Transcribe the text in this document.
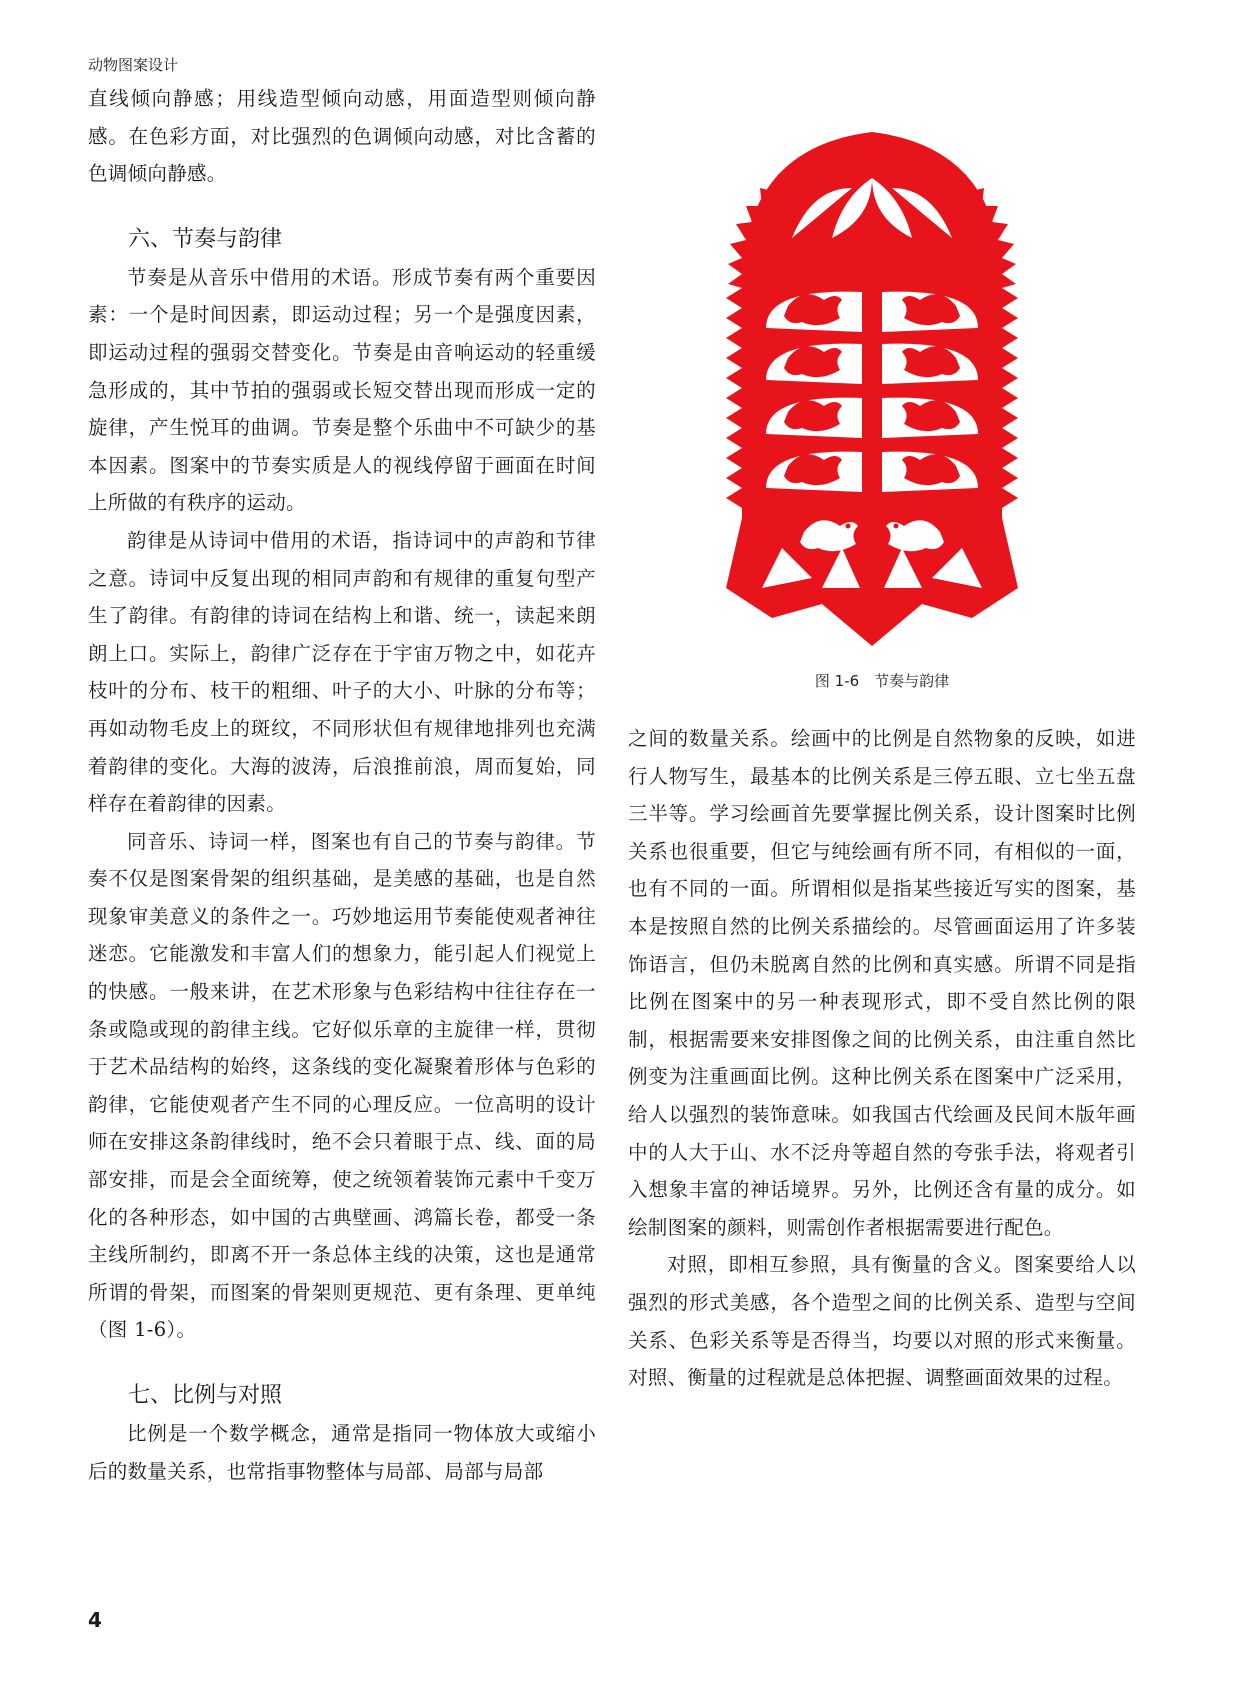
动物图案设计

直线倾向静感；用线造型倾向动感，用面造型则倾向静感。在色彩方面，对比强烈的色调倾向动感，对比含蓄的色调倾向静感。

六、节奏与韵律

节奏是从音乐中借用的术语。形成节奏有两个重要因素：一个是时间因素，即运动过程；另一个是强度因素，即运动过程的强弱交替变化。节奏是由音响运动的轻重缓急形成的，其中节拍的强弱或长短交替出现而形成一定的旋律，产生悦耳的曲调。节奏是整个乐曲中不可缺少的基本因素。图案中的节奏实质是人的视线停留于画面在时间上所做的有秩序的运动。

韵律是从诗词中借用的术语，指诗词中的声韵和节律之意。诗词中反复出现的相同声韵和有规律的重复句型产生了韵律。有韵律的诗词在结构上和谐、统一，读起来朗朗上口。实际上，韵律广泛存在于宇宙万物之中，如花卉枝叶的分布、枝干的粗细、叶子的大小、叶脉的分布等；再如动物毛皮上的斑纹，不同形状但有规律地排列也充满着韵律的变化。大海的波涛，后浪推前浪，周而复始，同样存在着韵律的因素。

同音乐、诗词一样，图案也有自己的节奏与韵律。节奏不仅是图案骨架的组织基础，是美感的基础，也是自然现象审美意义的条件之一。巧妙地运用节奏能使观者神往迷恋。它能激发和丰富人们的想象力，能引起人们视觉上的快感。一般来讲，在艺术形象与色彩结构中往往存在一条或隐或现的韵律主线。它好似乐章的主旋律一样，贯彻于艺术品结构的始终，这条线的变化凝聚着形体与色彩的韵律，它能使观者产生不同的心理反应。一位高明的设计师在安排这条韵律线时，绝不会只着眼于点、线、面的局部安排，而是会全面统筹，使之统领着装饰元素中千变万化的各种形态，如中国的古典壁画、鸿篇长卷，都受一条主线所制约，即离不开一条总体主线的决策，这也是通常所谓的骨架，而图案的骨架则更规范、更有条理、更单纯（图 1-6）。

七、比例与对照

比例是一个数学概念，通常是指同一物体放大或缩小后的数量关系，也常指事物整体与局部、局部与局部

图 1-6　节奏与韵律

之间的数量关系。绘画中的比例是自然物象的反映，如进行人物写生，最基本的比例关系是三停五眼、立七坐五盘三半等。学习绘画首先要掌握比例关系，设计图案时比例关系也很重要，但它与纯绘画有所不同，有相似的一面，也有不同的一面。所谓相似是指某些接近写实的图案，基本是按照自然的比例关系描绘的。尽管画面运用了许多装饰语言，但仍未脱离自然的比例和真实感。所谓不同是指比例在图案中的另一种表现形式，即不受自然比例的限制，根据需要来安排图像之间的比例关系，由注重自然比例变为注重画面比例。这种比例关系在图案中广泛采用，给人以强烈的装饰意味。如我国古代绘画及民间木版年画中的人大于山、水不泛舟等超自然的夸张手法，将观者引入想象丰富的神话境界。另外，比例还含有量的成分。如绘制图案的颜料，则需创作者根据需要进行配色。

对照，即相互参照，具有衡量的含义。图案要给人以强烈的形式美感，各个造型之间的比例关系、造型与空间关系、色彩关系等是否得当，均要以对照的形式来衡量。对照、衡量的过程就是总体把握、调整画面效果的过程。

4
